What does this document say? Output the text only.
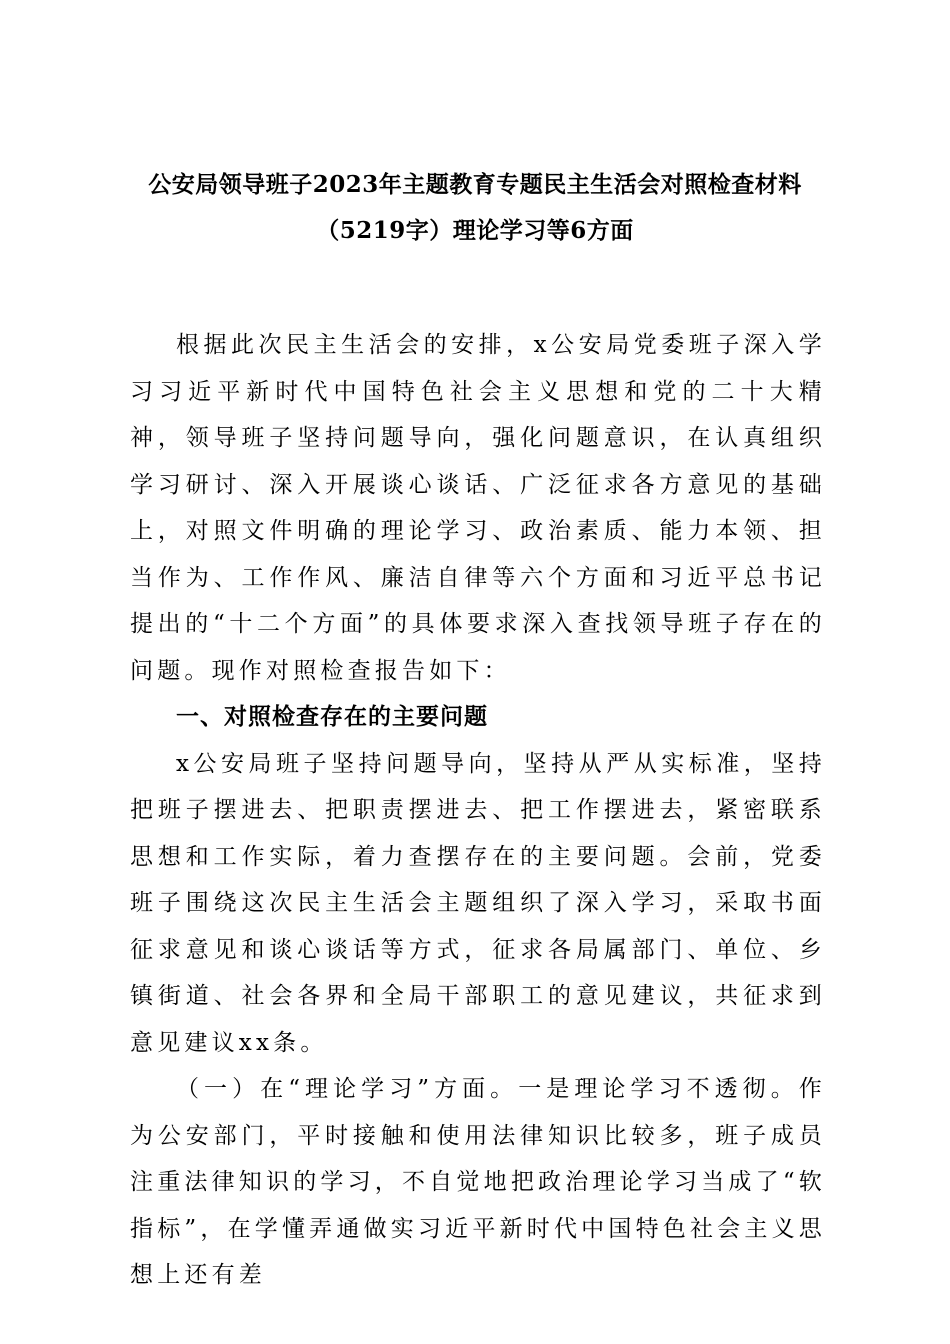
公安局领导班子2023年主题教育专题民主生活会对照检查材料
（5219字）理论学习等6方面

根据此次民主生活会的安排，x公安局党委班子深入学习习近平新时代中国特色社会主义思想和党的二十大精神，领导班子坚持问题导向，强化问题意识，在认真组织学习研讨、深入开展谈心谈话、广泛征求各方意见的基础上，对照文件明确的理论学习、政治素质、能力本领、担当作为、工作作风、廉洁自律等六个方面和习近平总书记提出的“十二个方面”的具体要求深入查找领导班子存在的问题。现作对照检查报告如下：

一、对照检查存在的主要问题

x公安局班子坚持问题导向，坚持从严从实标准，坚持把班子摆进去、把职责摆进去、把工作摆进去，紧密联系思想和工作实际，着力查摆存在的主要问题。会前，党委班子围绕这次民主生活会主题组织了深入学习，采取书面征求意见和谈心谈话等方式，征求各局属部门、单位、乡镇街道、社会各界和全局干部职工的意见建议，共征求到意见建议xx条。

（一）在“理论学习”方面。一是理论学习不透彻。作为公安部门，平时接触和使用法律知识比较多，班子成员注重法律知识的学习，不自觉地把政治理论学习当成了“软指标”，在学懂弄通做实习近平新时代中国特色社会主义思想上还有差
